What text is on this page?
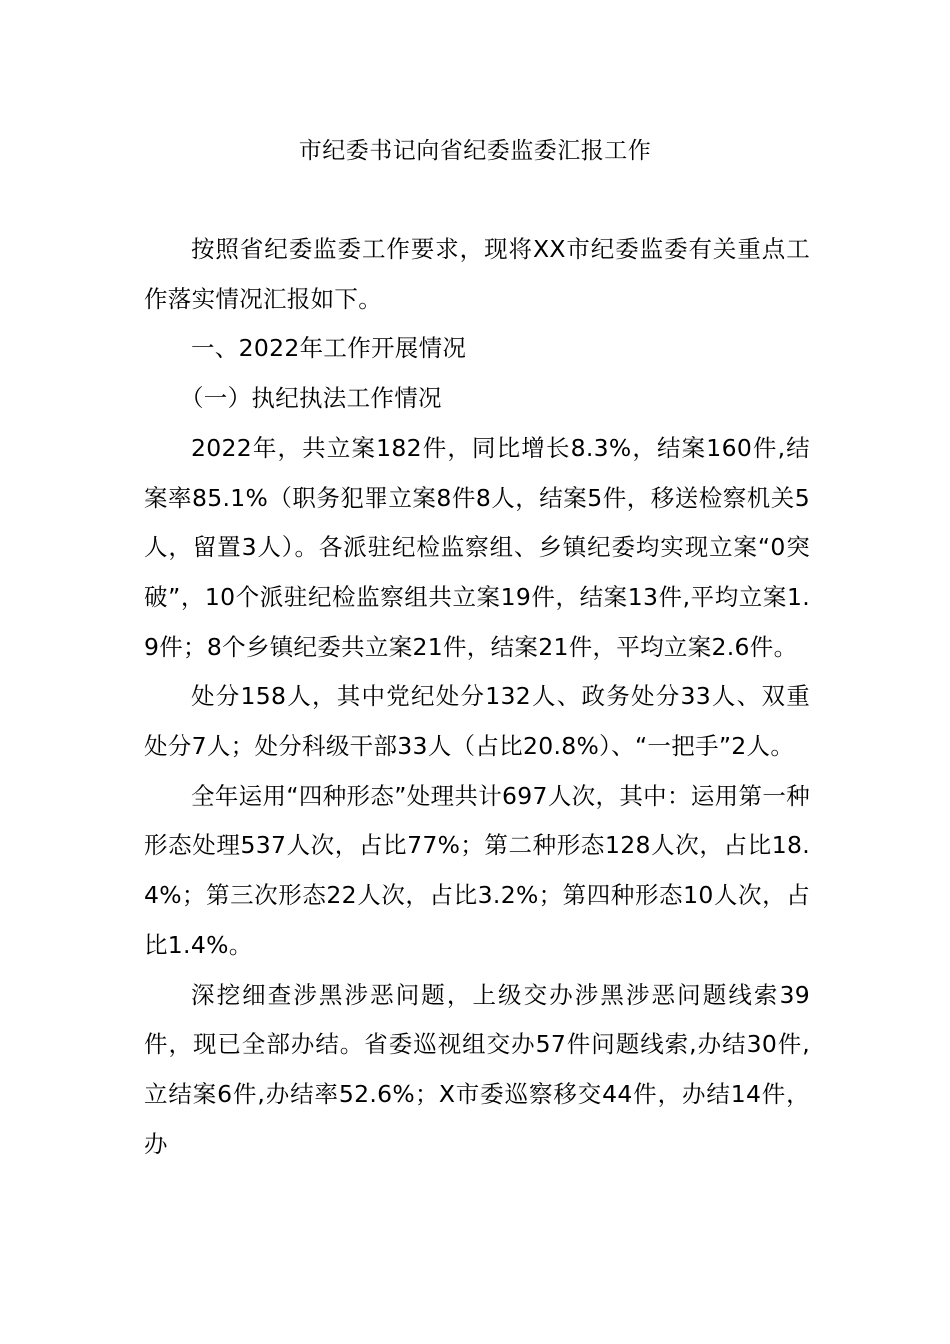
市纪委书记向省纪委监委汇报工作

按照省纪委监委工作要求，现将XX市纪委监委有关重点工作落实情况汇报如下。

一、2022年工作开展情况

（一）执纪执法工作情况

2022年，共立案182件，同比增长8.3%，结案160件,结案率85.1%（职务犯罪立案8件8人，结案5件，移送检察机关5人，留置3人）。各派驻纪检监察组、乡镇纪委均实现立案“0突破”，10个派驻纪检监察组共立案19件，结案13件,平均立案1.9件；8个乡镇纪委共立案21件，结案21件，平均立案2.6件。

处分158人，其中党纪处分132人、政务处分33人、双重处分7人；处分科级干部33人（占比20.8%）、“一把手”2人。

全年运用“四种形态”处理共计697人次，其中：运用第一种形态处理537人次，占比77%；第二种形态128人次，占比18.4%；第三次形态22人次，占比3.2%；第四种形态10人次，占比1.4%。

深挖细查涉黑涉恶问题，上级交办涉黑涉恶问题线索39件，现已全部办结。省委巡视组交办57件问题线索,办结30件,立结案6件,办结率52.6%；X市委巡察移交44件，办结14件，办
